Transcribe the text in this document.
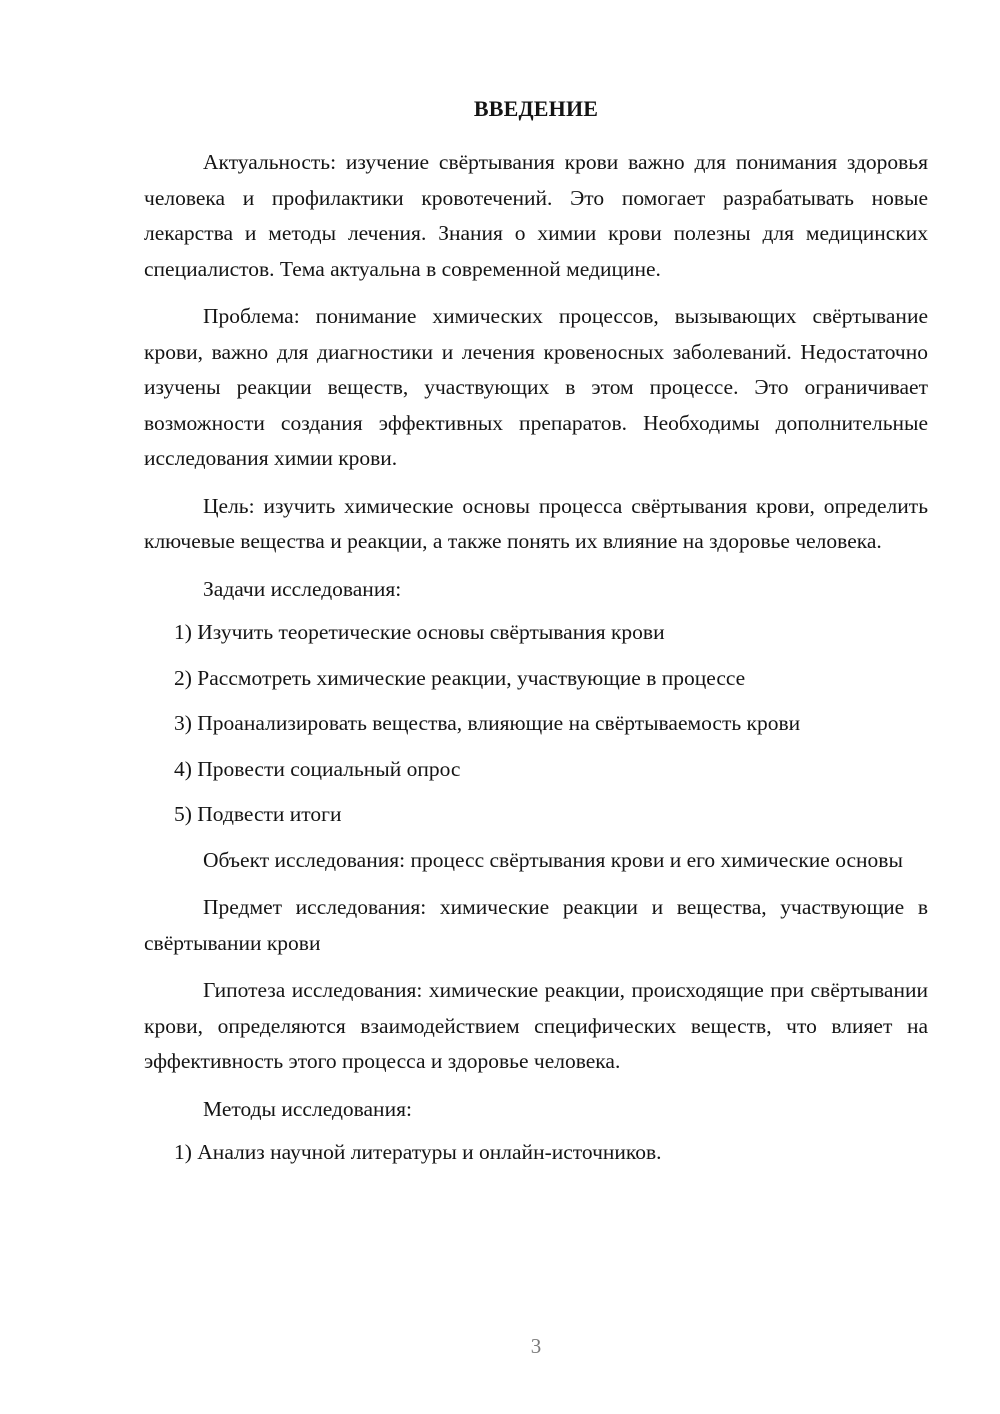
ВВЕДЕНИЕ

Актуальность: изучение свёртывания крови важно для понимания здоровья человека и профилактики кровотечений. Это помогает разрабатывать новые лекарства и методы лечения. Знания о химии крови полезны для медицинских специалистов. Тема актуальна в современной медицине.

Проблема: понимание химических процессов, вызывающих свёртывание крови, важно для диагностики и лечения кровеносных заболеваний. Недостаточно изучены реакции веществ, участвующих в этом процессе. Это ограничивает возможности создания эффективных препаратов. Необходимы дополнительные исследования химии крови.

Цель: изучить химические основы процесса свёртывания крови, определить ключевые вещества и реакции, а также понять их влияние на здоровье человека.

Задачи исследования:

1) Изучить теоретические основы свёртывания крови

2) Рассмотреть химические реакции, участвующие в процессе

3) Проанализировать вещества, влияющие на свёртываемость крови

4) Провести социальный опрос

5) Подвести итоги

Объект исследования: процесс свёртывания крови и его химические основы

Предмет исследования: химические реакции и вещества, участвующие в свёртывании крови

Гипотеза исследования: химические реакции, происходящие при свёртывании крови, определяются взаимодействием специфических веществ, что влияет на эффективность этого процесса и здоровье человека.

Методы исследования:

1) Анализ научной литературы и онлайн-источников.

3
